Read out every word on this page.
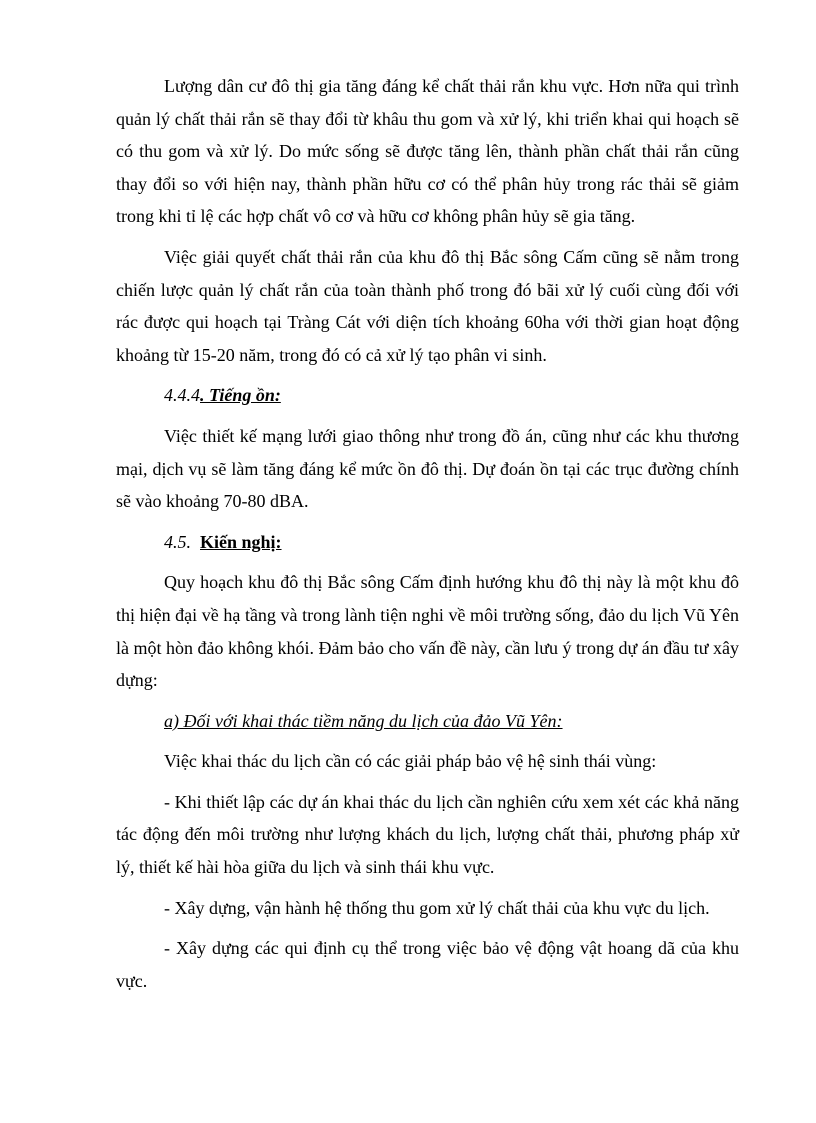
Lượng dân cư đô thị gia tăng đáng kể chất thải rắn khu vực. Hơn nữa qui trình quản lý chất thải rắn sẽ thay đổi từ khâu thu gom và xử lý, khi triển khai qui hoạch sẽ có thu gom và xử lý. Do mức sống sẽ được tăng lên, thành phần chất thải rắn cũng thay đổi so với hiện nay, thành phần hữu cơ có thể phân hủy trong rác thải sẽ giảm trong khi tỉ lệ các hợp chất vô cơ và hữu cơ không phân hủy sẽ gia tăng.

Việc giải quyết chất thải rắn của khu đô thị Bắc sông Cấm cũng sẽ nằm trong chiến lược quản lý chất rắn của toàn thành phố trong đó bãi xử lý cuối cùng đối với rác được qui hoạch tại Tràng Cát với diện tích khoảng 60ha với thời gian hoạt động khoảng từ 15-20 năm, trong đó có cả xử lý tạo phân vi sinh.

4.4.4. Tiếng ồn:

Việc thiết kế mạng lưới giao thông như trong đồ án, cũng như các khu thương mại, dịch vụ sẽ làm tăng đáng kể mức ồn đô thị. Dự đoán ồn tại các trục đường chính sẽ vào khoảng 70-80 dBA.

4.5. Kiến nghị:

Quy hoạch khu đô thị Bắc sông Cấm định hướng khu đô thị này là một khu đô thị hiện đại về hạ tầng và trong lành tiện nghi về môi trường sống, đảo du lịch Vũ Yên là một hòn đảo không khói. Đảm bảo cho vấn đề này, cần lưu ý trong dự án đầu tư xây dựng:

a) Đối với khai thác tiềm năng du lịch của đảo Vũ Yên:

Việc khai thác du lịch cần có các giải pháp bảo vệ hệ sinh thái vùng:

- Khi thiết lập các dự án khai thác du lịch cần nghiên cứu xem xét các khả năng tác động đến môi trường như lượng khách du lịch, lượng chất thải, phương pháp xử lý, thiết kế hài hòa giữa du lịch và sinh thái khu vực.

- Xây dựng, vận hành hệ thống thu gom xử lý chất thải của khu vực du lịch.

- Xây dựng các qui định cụ thể trong việc bảo vệ động vật hoang dã của khu vực.
